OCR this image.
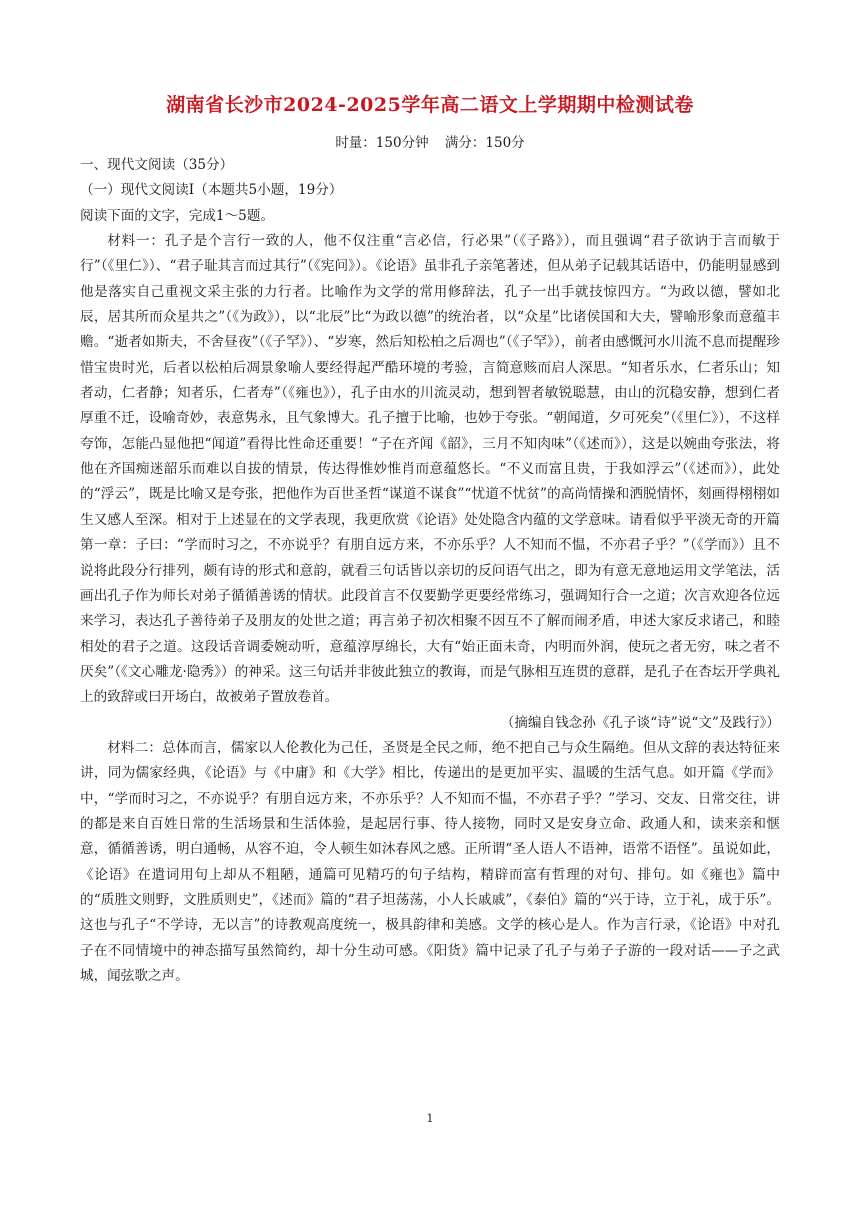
湖南省长沙市2024-2025学年高二语文上学期期中检测试卷
时量：150分钟 满分：150分

一、现代文阅读（35分）

（一）现代文阅读Ⅰ（本题共5小题，19分）

阅读下面的文字，完成1～5题。

材料一：孔子是个言行一致的人，他不仅注重“言必信，行必果”（《子路》），而且强调“君子欲讷于言而敏于行”（《里仁》）、“君子耻其言而过其行”（《宪问》）。《论语》虽非孔子亲笔著述，但从弟子记载其话语中，仍能明显感到他是落实自己重视文采主张的力行者。比喻作为文学的常用修辞法，孔子一出手就技惊四方。“为政以德，譬如北辰，居其所而众星共之”（《为政》），以“北辰”比“为政以德”的统治者，以“众星”比诸侯国和大夫，譬喻形象而意蕴丰赡。“逝者如斯夫，不舍昼夜”（《子罕》）、“岁寒，然后知松柏之后凋也”（《子罕》），前者由感慨河水川流不息而提醒珍惜宝贵时光，后者以松柏后凋景象喻人要经得起严酷环境的考验，言简意赅而启人深思。“知者乐水，仁者乐山；知者动，仁者静；知者乐，仁者寿”（《雍也》），孔子由水的川流灵动，想到智者敏锐聪慧，由山的沉稳安静，想到仁者厚重不迁，设喻奇妙，表意隽永，且气象博大。孔子擅于比喻，也妙于夸张。“朝闻道，夕可死矣”（《里仁》），不这样夸饰，怎能凸显他把“闻道”看得比性命还重要！“子在齐闻《韶》，三月不知肉味”（《述而》），这是以婉曲夸张法，将他在齐国痴迷韶乐而难以自拔的情景，传达得惟妙惟肖而意蕴悠长。“不义而富且贵，于我如浮云”（《述而》），此处的“浮云”，既是比喻又是夸张，把他作为百世圣哲“谋道不谋食”“忧道不忧贫”的高尚情操和洒脱情怀，刻画得栩栩如生又感人至深。相对于上述显在的文学表现，我更欣赏《论语》处处隐含内蕴的文学意味。请看似乎平淡无奇的开篇第一章：子曰：“学而时习之，不亦说乎？有朋自远方来，不亦乐乎？人不知而不愠，不亦君子乎？”（《学而》）且不说将此段分行排列，颇有诗的形式和意韵，就看三句话皆以亲切的反问语气出之，即为有意无意地运用文学笔法，活画出孔子作为师长对弟子循循善诱的情状。此段首言不仅要勤学更要经常练习，强调知行合一之道；次言欢迎各位远来学习，表达孔子善待弟子及朋友的处世之道；再言弟子初次相聚不因互不了解而闹矛盾，申述大家反求诸己，和睦相处的君子之道。这段话音调委婉动听，意蕴淳厚绵长，大有“始正面未奇，内明而外润，使玩之者无穷，味之者不厌矣”（《文心雕龙·隐秀》）的神采。这三句话并非彼此独立的教诲，而是气脉相互连贯的意群，是孔子在杏坛开学典礼上的致辞或曰开场白，故被弟子置放卷首。

（摘编自钱念孙《孔子谈“诗”说“文”及践行》）

材料二：总体而言，儒家以人伦教化为己任，圣贤是全民之师，绝不把自己与众生隔绝。但从文辞的表达特征来讲，同为儒家经典，《论语》与《中庸》和《大学》相比，传递出的是更加平实、温暖的生活气息。如开篇《学而》中，“学而时习之，不亦说乎？有朋自远方来，不亦乐乎？人不知而不愠，不亦君子乎？”学习、交友、日常交往，讲的都是来自百姓日常的生活场景和生活体验，是起居行事、待人接物，同时又是安身立命、政通人和，读来亲和惬意，循循善诱，明白通畅，从容不迫，令人顿生如沐春风之感。正所谓“圣人语人不语神，语常不语怪”。虽说如此，《论语》在遣词用句上却从不粗陋，通篇可见精巧的句子结构，精辟而富有哲理的对句、排句。如《雍也》篇中的“质胜文则野，文胜质则史”，《述而》篇的“君子坦荡荡，小人长戚戚”，《泰伯》篇的“兴于诗，立于礼，成于乐”。这也与孔子“不学诗，无以言”的诗教观高度统一，极具韵律和美感。文学的核心是人。作为言行录，《论语》中对孔子在不同情境中的神态描写虽然简约，却十分生动可感。《阳货》篇中记录了孔子与弟子子游的一段对话——子之武城，闻弦歌之声。

1
